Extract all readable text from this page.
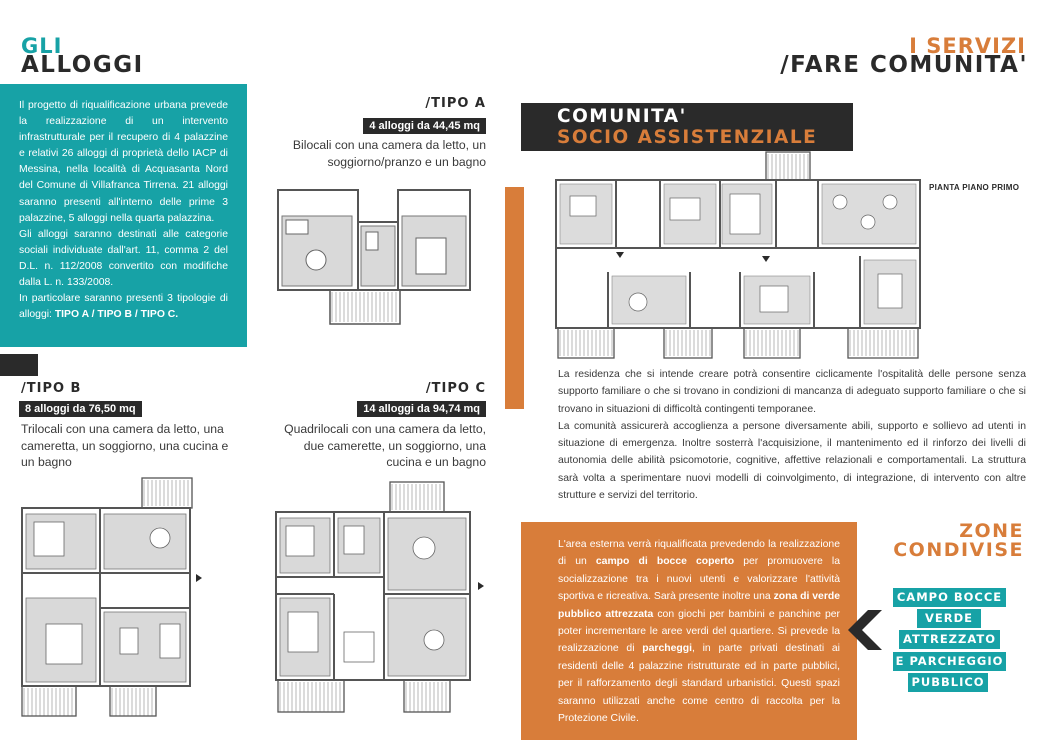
GLI
ALLOGGI
I SERVIZI
/FARE COMUNITA'

Il progetto di riqualificazione urbana prevede la realizzazione di un intervento infrastrutturale per il recupero di 4 palazzine e relativi 26 alloggi di proprietà dello IACP di Messina, nella località di Acquasanta Nord del Comune di Villafranca Tirrena. 21 alloggi saranno presenti all'interno delle prime 3 palazzine, 5 alloggi nella quarta palazzina.

Gli alloggi saranno destinati alle categorie sociali individuate dall'art. 11, comma 2 del D.L. n. 112/2008 convertito con modifiche dalla L. n. 133/2008.

In particolare saranno presenti 3 tipologie di alloggi: TIPO A / TIPO B / TIPO C.

/TIPO A
4 alloggi da 44,45 mq
Bilocali con una camera da letto, un soggiorno/pranzo e un bagno
/TIPO B
8 alloggi da 76,50 mq
Trilocali con una camera da letto, una cameretta, un soggiorno, una cucina e un bagno
/TIPO C
14 alloggi da 94,74 mq
Quadrilocali con una camera da letto, due camerette, un soggiorno, una cucina e un bagno
COMUNITA'
SOCIO ASSISTENZIALE
PIANTA PIANO PRIMO

La residenza che si intende creare potrà consentire ciclicamente l'ospitalità delle persone senza supporto familiare o che si trovano in condizioni di mancanza di adeguato supporto familiare o che si trovano in situazioni di difficoltà contingenti temporanee.

La comunità assicurerà accoglienza a persone diversamente abili, supporto e sollievo ad utenti in situazione di emergenza. Inoltre sosterrà l'acquisizione, il mantenimento ed il rinforzo dei livelli di autonomia delle abilità psicomotorie, cognitive, affettive relazionali e comportamentali. La struttura sarà volta a sperimentare nuovi modelli di coinvolgimento, di integrazione, di intervento con altre strutture e servizi del territorio.

L'area esterna verrà riqualificata prevedendo la realizzazione di un campo di bocce coperto per promuovere la socializzazione tra i nuovi utenti e valorizzare l'attività sportiva e ricreativa. Sarà presente inoltre una zona di verde pubblico attrezzata con giochi per bambini e panchine per poter incrementare le aree verdi del quartiere. Si prevede la realizzazione di parcheggi, in parte privati destinati ai residenti delle 4 palazzine ristrutturate ed in parte pubblici, per il rafforzamento degli standard urbanistici. Questi spazi saranno utilizzati anche come centro di raccolta per la Protezione Civile.

ZONE
CONDIVISE
CAMPO BOCCE
VERDE
ATTREZZATO
E PARCHEGGIO
PUBBLICO
